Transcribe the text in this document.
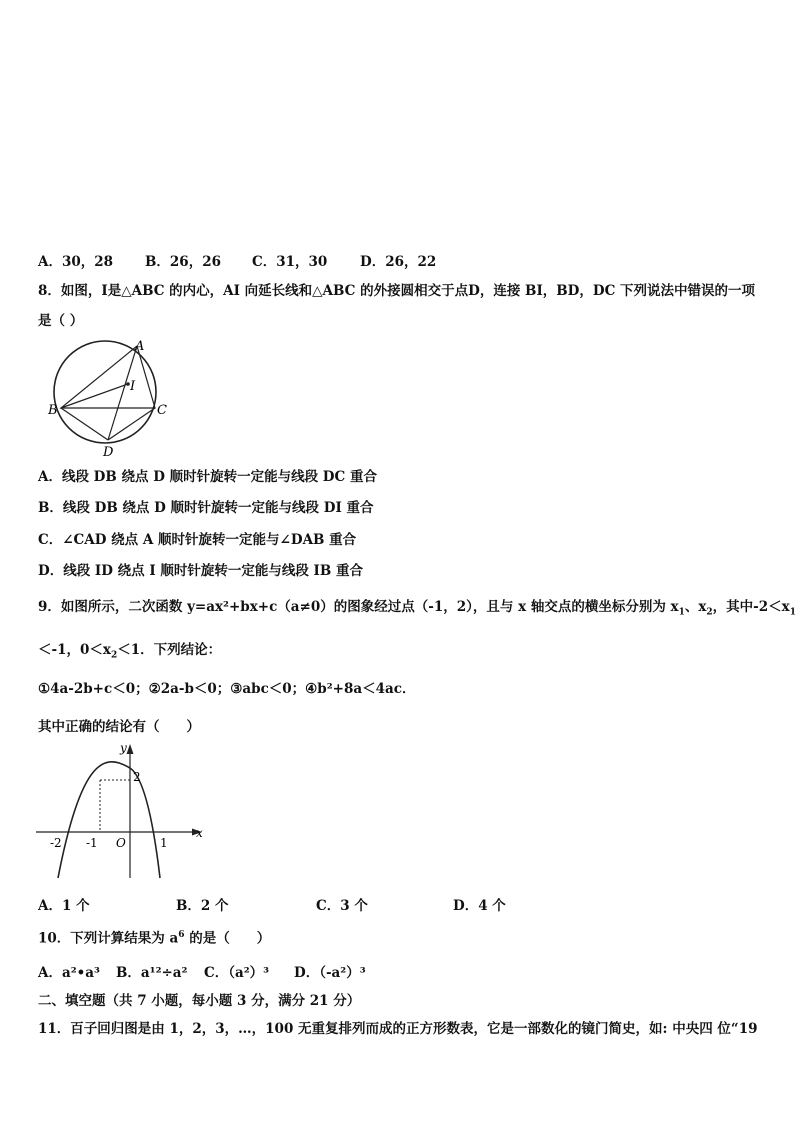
A．30，28 B．26，26 C．31，30 D．26，22
8．如图，I是△ABC 的内心，AI 向延长线和△ABC 的外接圆相交于点D，连接 BI，BD，DC 下列说法中错误的一项
是（ ）
A
B	C
D
I
A．线段 DB 绕点 D 顺时针旋转一定能与线段 DC 重合
B．线段 DB 绕点 D 顺时针旋转一定能与线段 DI 重合
C．∠CAD 绕点 A 顺时针旋转一定能与∠DAB 重合
D．线段 ID 绕点 I 顺时针旋转一定能与线段 IB 重合
9．如图所示，二次函数 y=ax²+bx+c（a≠0）的图象经过点（-1，2），且与 x 轴交点的横坐标分别为 $x_1$、$x_2$，其中$-2<x_1$
＜-1，$0<x_2<1$．下列结论：
①4a-2b+c＜0；②2a-b＜0；③abc＜0；④b²+8a＜4ac．
其中正确的结论有（　　）
y
x
2
-2 -1 O	1
A．1 个	B．2 个	C．3 个	D．4 个
10．下列计算结果为 $a^6$ 的是（　　）
A．a²•a³ B．a¹²÷a² C．（a²）³ D．（-a²）³
二、填空题（共 7 小题，每小题 3 分，满分 21 分）
11．百子回归图是由 1，2，3，…，100 无重复排列而成的正方形数表，它是一部数化的镜门简史，如: 中央四 位“19
